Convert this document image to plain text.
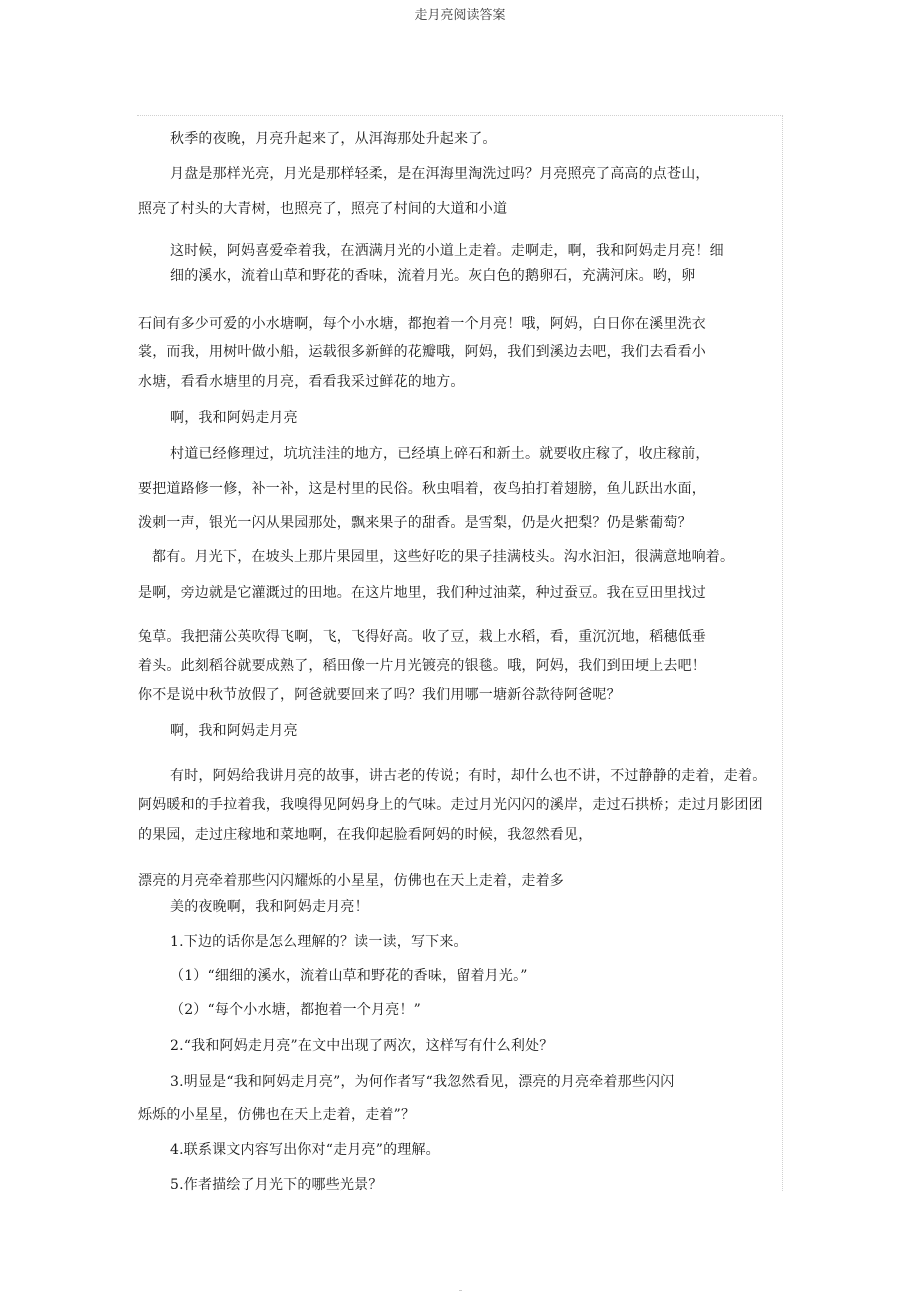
走月亮阅读答案
秋季的夜晚，月亮升起来了，从洱海那处升起来了。
月盘是那样光亮，月光是那样轻柔，是在洱海里淘洗过吗？月亮照亮了高高的点苍山，
照亮了村头的大青树，也照亮了，照亮了村间的大道和小道
这时候，阿妈喜爱牵着我，在洒满月光的小道上走着。走啊走，啊，我和阿妈走月亮！细
细的溪水，流着山草和野花的香味，流着月光。灰白色的鹅卵石，充满河床。哟，卵
石间有多少可爱的小水塘啊，每个小水塘，都抱着一个月亮！哦，阿妈，白日你在溪里洗衣
裳，而我，用树叶做小船，运载很多新鲜的花瓣哦，阿妈，我们到溪边去吧，我们去看看小
水塘，看看水塘里的月亮，看看我采过鲜花的地方。
啊，我和阿妈走月亮
村道已经修理过，坑坑洼洼的地方，已经填上碎石和新土。就要收庄稼了，收庄稼前，
要把道路修一修，补一补，这是村里的民俗。秋虫唱着，夜鸟拍打着翅膀，鱼儿跃出水面，
泼刺一声，银光一闪从果园那处，飘来果子的甜香。是雪梨，仍是火把梨？仍是紫葡萄？
都有。月光下，在坡头上那片果园里，这些好吃的果子挂满枝头。沟水汩汩，很满意地响着。
是啊，旁边就是它灌溉过的田地。在这片地里，我们种过油菜，种过蚕豆。我在豆田里找过
兔草。我把蒲公英吹得飞啊，飞，飞得好高。收了豆，栽上水稻，看，重沉沉地，稻穗低垂
着头。此刻稻谷就要成熟了，稻田像一片月光镀亮的银毯。哦，阿妈，我们到田埂上去吧！
你不是说中秋节放假了，阿爸就要回来了吗？我们用哪一塘新谷款待阿爸呢？
啊，我和阿妈走月亮
有时，阿妈给我讲月亮的故事，讲古老的传说；有时，却什么也不讲，不过静静的走着，走着。
阿妈暖和的手拉着我，我嗅得见阿妈身上的气味。走过月光闪闪的溪岸，走过石拱桥；走过月影团团
的果园，走过庄稼地和菜地啊，在我仰起脸看阿妈的时候，我忽然看见，
漂亮的月亮牵着那些闪闪耀烁的小星星，仿佛也在天上走着，走着多
美的夜晚啊，我和阿妈走月亮！
1.下边的话你是怎么理解的？读一读，写下来。
（1）“细细的溪水，流着山草和野花的香味，留着月光。”
（2）“每个小水塘，都抱着一个月亮！”
2.“我和阿妈走月亮”在文中出现了两次，这样写有什么利处？
3.明显是“我和阿妈走月亮”，为何作者写“我忽然看见，漂亮的月亮牵着那些闪闪
烁烁的小星星，仿佛也在天上走着，走着”？
4.联系课文内容写出你对“走月亮”的理解。
5.作者描绘了月光下的哪些光景？
